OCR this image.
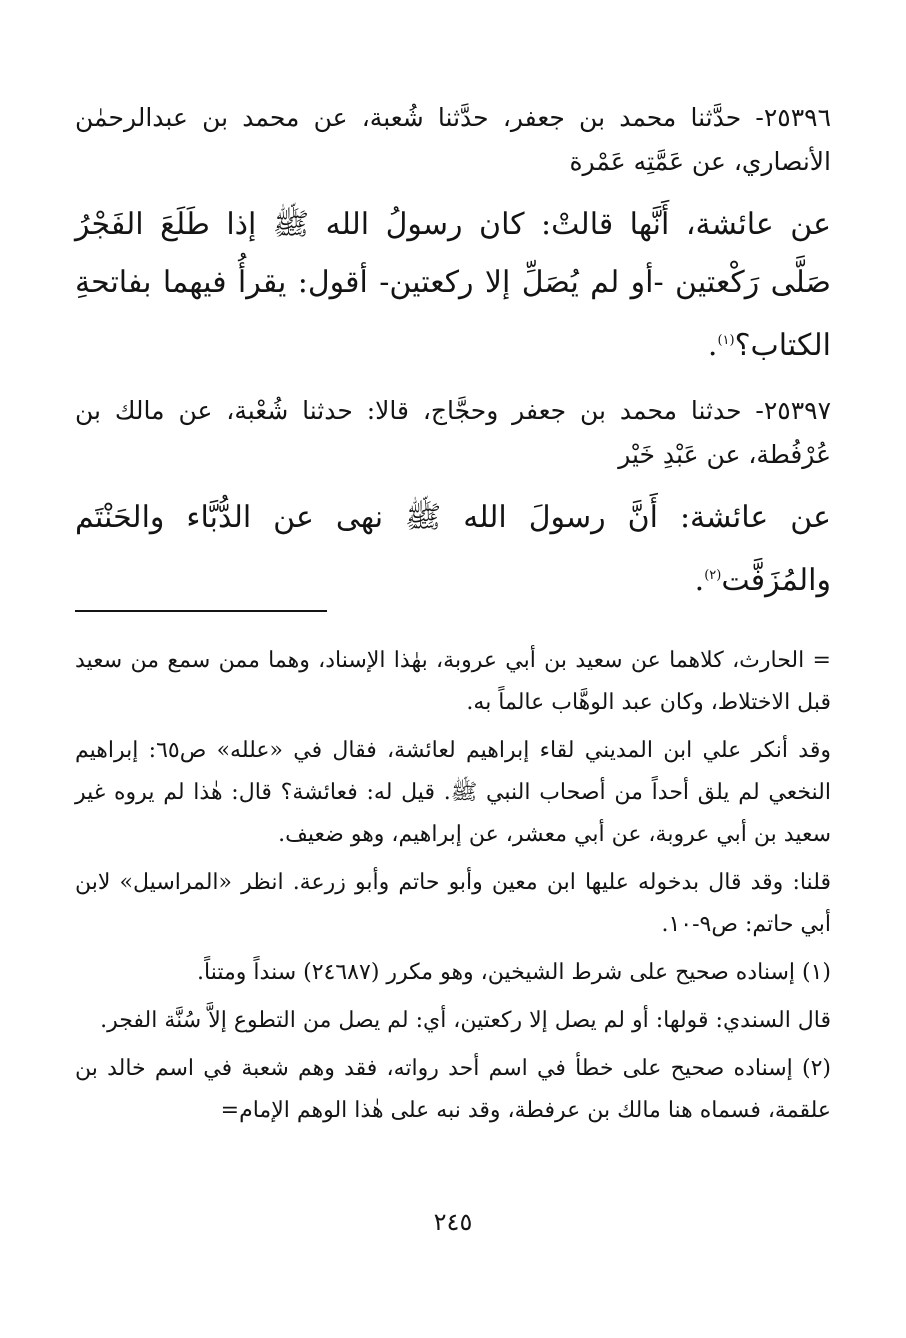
٢٥٣٩٦- حدَّثنا محمد بن جعفر، حدَّثنا شُعبة، عن محمد بن عبدالرحمٰن الأنصاري، عن عَمَّتِه عَمْرة

عن عائشة، أَنَّها قالتْ: كان رسولُ الله ﷺ إذا طَلَعَ الفَجْرُ صَلَّى رَكْعتين -أو لم يُصَلِّ إلا ركعتين- أقول: يقرأُ فيهما بفاتحةِ الكتاب؟$^{(١)}$.

٢٥٣٩٧- حدثنا محمد بن جعفر وحجَّاج، قالا: حدثنا شُعْبة، عن مالك بن عُرْفُطة، عن عَبْدِ خَيْر

عن عائشة: أَنَّ رسولَ الله ﷺ نهى عن الدُّبَّاء والحَنْتَم والمُزَفَّت$^{(٢)}$.

= الحارث، كلاهما عن سعيد بن أبي عروبة، بهٰذا الإسناد، وهما ممن سمع من سعيد قبل الاختلاط، وكان عبد الوهَّاب عالماً به.

وقد أنكر علي ابن المديني لقاء إبراهيم لعائشة، فقال في «علله» ص٦٥: إبراهيم النخعي لم يلق أحداً من أصحاب النبي ﷺ. قيل له: فعائشة؟ قال: هٰذا لم يروه غير سعيد بن أبي عروبة، عن أبي معشر، عن إبراهيم، وهو ضعيف.

قلنا: وقد قال بدخوله عليها ابن معين وأبو حاتم وأبو زرعة. انظر «المراسيل» لابن أبي حاتم: ص٩-١٠.

(١) إسناده صحيح على شرط الشيخين، وهو مكرر (٢٤٦٨٧) سنداً ومتناً.

قال السندي: قولها: أو لم يصل إلا ركعتين، أي: لم يصل من التطوع إلاَّ سُنَّة الفجر.

(٢) إسناده صحيح على خطأ في اسم أحد رواته، فقد وهم شعبة في اسم خالد بن علقمة، فسماه هنا مالك بن عرفطة، وقد نبه على هٰذا الوهم الإمام=

٢٤٥
